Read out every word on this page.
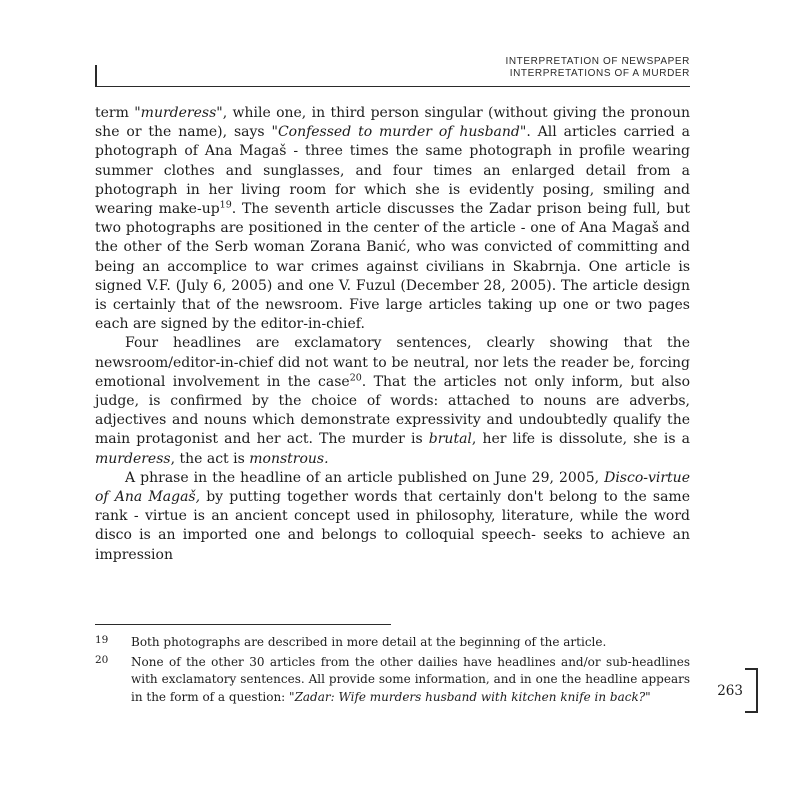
INTERPRETATION OF NEWSPAPER
INTERPRETATIONS OF A MURDER

term "murderess", while one, in third person singular (without giving the pronoun she or the name), says "Confessed to murder of husband". All articles carried a photograph of Ana Magaš - three times the same photograph in profile wearing summer clothes and sunglasses, and four times an enlarged detail from a photograph in her living room for which she is evidently posing, smiling and wearing make-$up^{19}$. The seventh article discusses the Zadar prison being full, but two photographs are positioned in the center of the article - one of Ana Magaš and the other of the Serb woman Zorana Banić, who was convicted of committing and being an accomplice to war crimes against civilians in Skabrnja. One article is signed V.F. (July 6, 2005) and one V. Fuzul (December 28, 2005). The article design is certainly that of the newsroom. Five large articles taking up one or two pages each are signed by the editor-in-chief.

Four headlines are exclamatory sentences, clearly showing that the newsroom/editor-in-chief did not want to be neutral, nor lets the reader be, forcing emotional involvement in the case$^{20}$. That the articles not only inform, but also judge, is confirmed by the choice of words: attached to nouns are adverbs, adjectives and nouns which demonstrate expressivity and undoubtedly qualify the main protagonist and her act. The murder is brutal, her life is dissolute, she is a murderess, the act is monstrous.

A phrase in the headline of an article published on June 29, 2005, Disco-virtue of Ana Magaš, by putting together words that certainly don't belong to the same rank - virtue is an ancient concept used in philosophy, literature, while the word disco is an imported one and belongs to colloquial speech- seeks to achieve an impression

19	Both photographs are described in more detail at the beginning of the article.
20	None of the other 30 articles from the other dailies have headlines and/or sub-headlines with exclamatory sentences. All provide some information, and in one the headline appears in the form of a question: "Zadar: Wife murders husband with kitchen knife in back?"	263
